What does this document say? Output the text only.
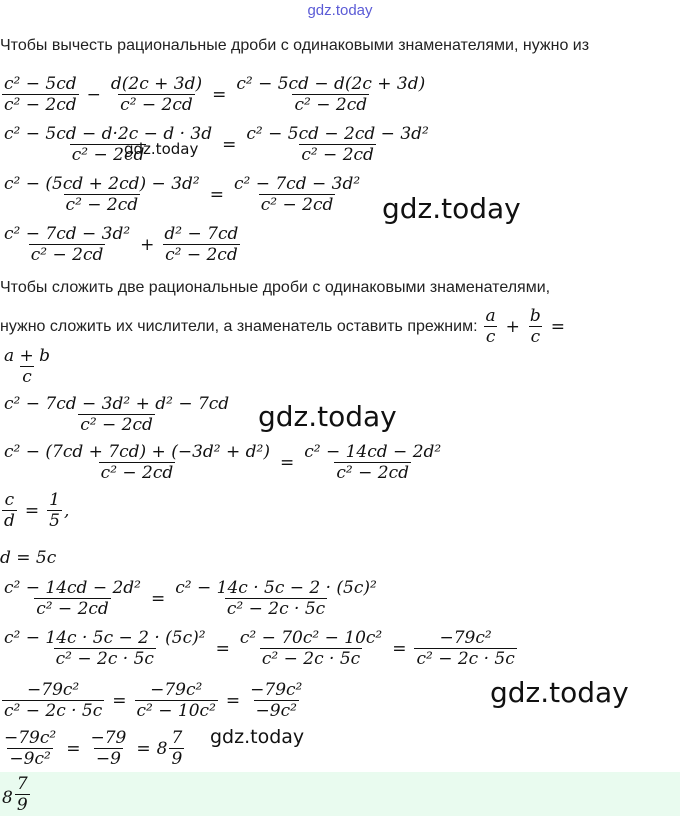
gdz.today
Чтобы вычесть рациональные дроби с одинаковыми знаменателями, нужно из
$\frac{\text{c² − 5cd}}{\text{c² − 2cd}} - \frac{d(2c + 3d)}{\text{c² − 2cd}} = \frac{\text{c² − 5cd − d(2c + 3d)}}{\text{c² − 2cd}}$
$\frac{\text{c² − 5cd − d·2c − d · 3d}}{\text{c² − 2cd}} = \frac{\text{c² − 5cd − 2cd − 3d²}}{\text{c² − 2cd}}$
$\frac{\text{c² − (5cd + 2cd) − 3d²}}{\text{c² − 2cd}} = \frac{\text{c² − 7cd − 3d²}}{\text{c² − 2cd}}$
$\frac{\text{c² − 7cd − 3d²}}{\text{c² − 2cd}} + \frac{\text{d² − 7cd}}{\text{c² − 2cd}}$
Чтобы сложить две рациональные дроби с одинаковыми знаменателями,
нужно сложить их числители, а знаменатель оставить прежним: $\frac{a}{c} + \frac{b}{c}$ =
$\frac{a + b}{c}$
$\frac{\text{c² − 7cd − 3d² + d² − 7cd}}{\text{c² − 2cd}}$
$\frac{\text{c² − (7cd + 7cd) + (−3d² + d²)}}{\text{c² − 2cd}} = \frac{\text{c² − 14cd − 2d²}}{\text{c² − 2cd}}$
$\frac{c}{d} = \frac{1}{5}$ ,
d = 5c
$\frac{\text{c² − 14cd − 2d²}}{\text{c² − 2cd}} = \frac{\text{c² − 14c · 5c − 2 · (5c)²}}{\text{c² − 2c · 5c}}$
$\frac{\text{c² − 14c · 5c − 2 · (5c)²}}{\text{c² − 2c · 5c}} = \frac{\text{c² − 70c² − 10c²}}{\text{c² − 2c · 5c}} = \frac{\text{−79c²}}{\text{c² − 2c · 5c}}$
$\frac{\text{−79c²}}{\text{c² − 2c · 5c}} = \frac{\text{−79c²}}{\text{c² − 10c²}} = \frac{\text{−79c²}}{\text{−9c²}}$
$\frac{\text{−79c²}}{\text{−9c²}} = \frac{-79}{-9} = 8 \frac{7}{9}$
$8 \frac{7}{9}$
gdz.today
gdz.today
gdz.today
gdz.today
gdz.today
